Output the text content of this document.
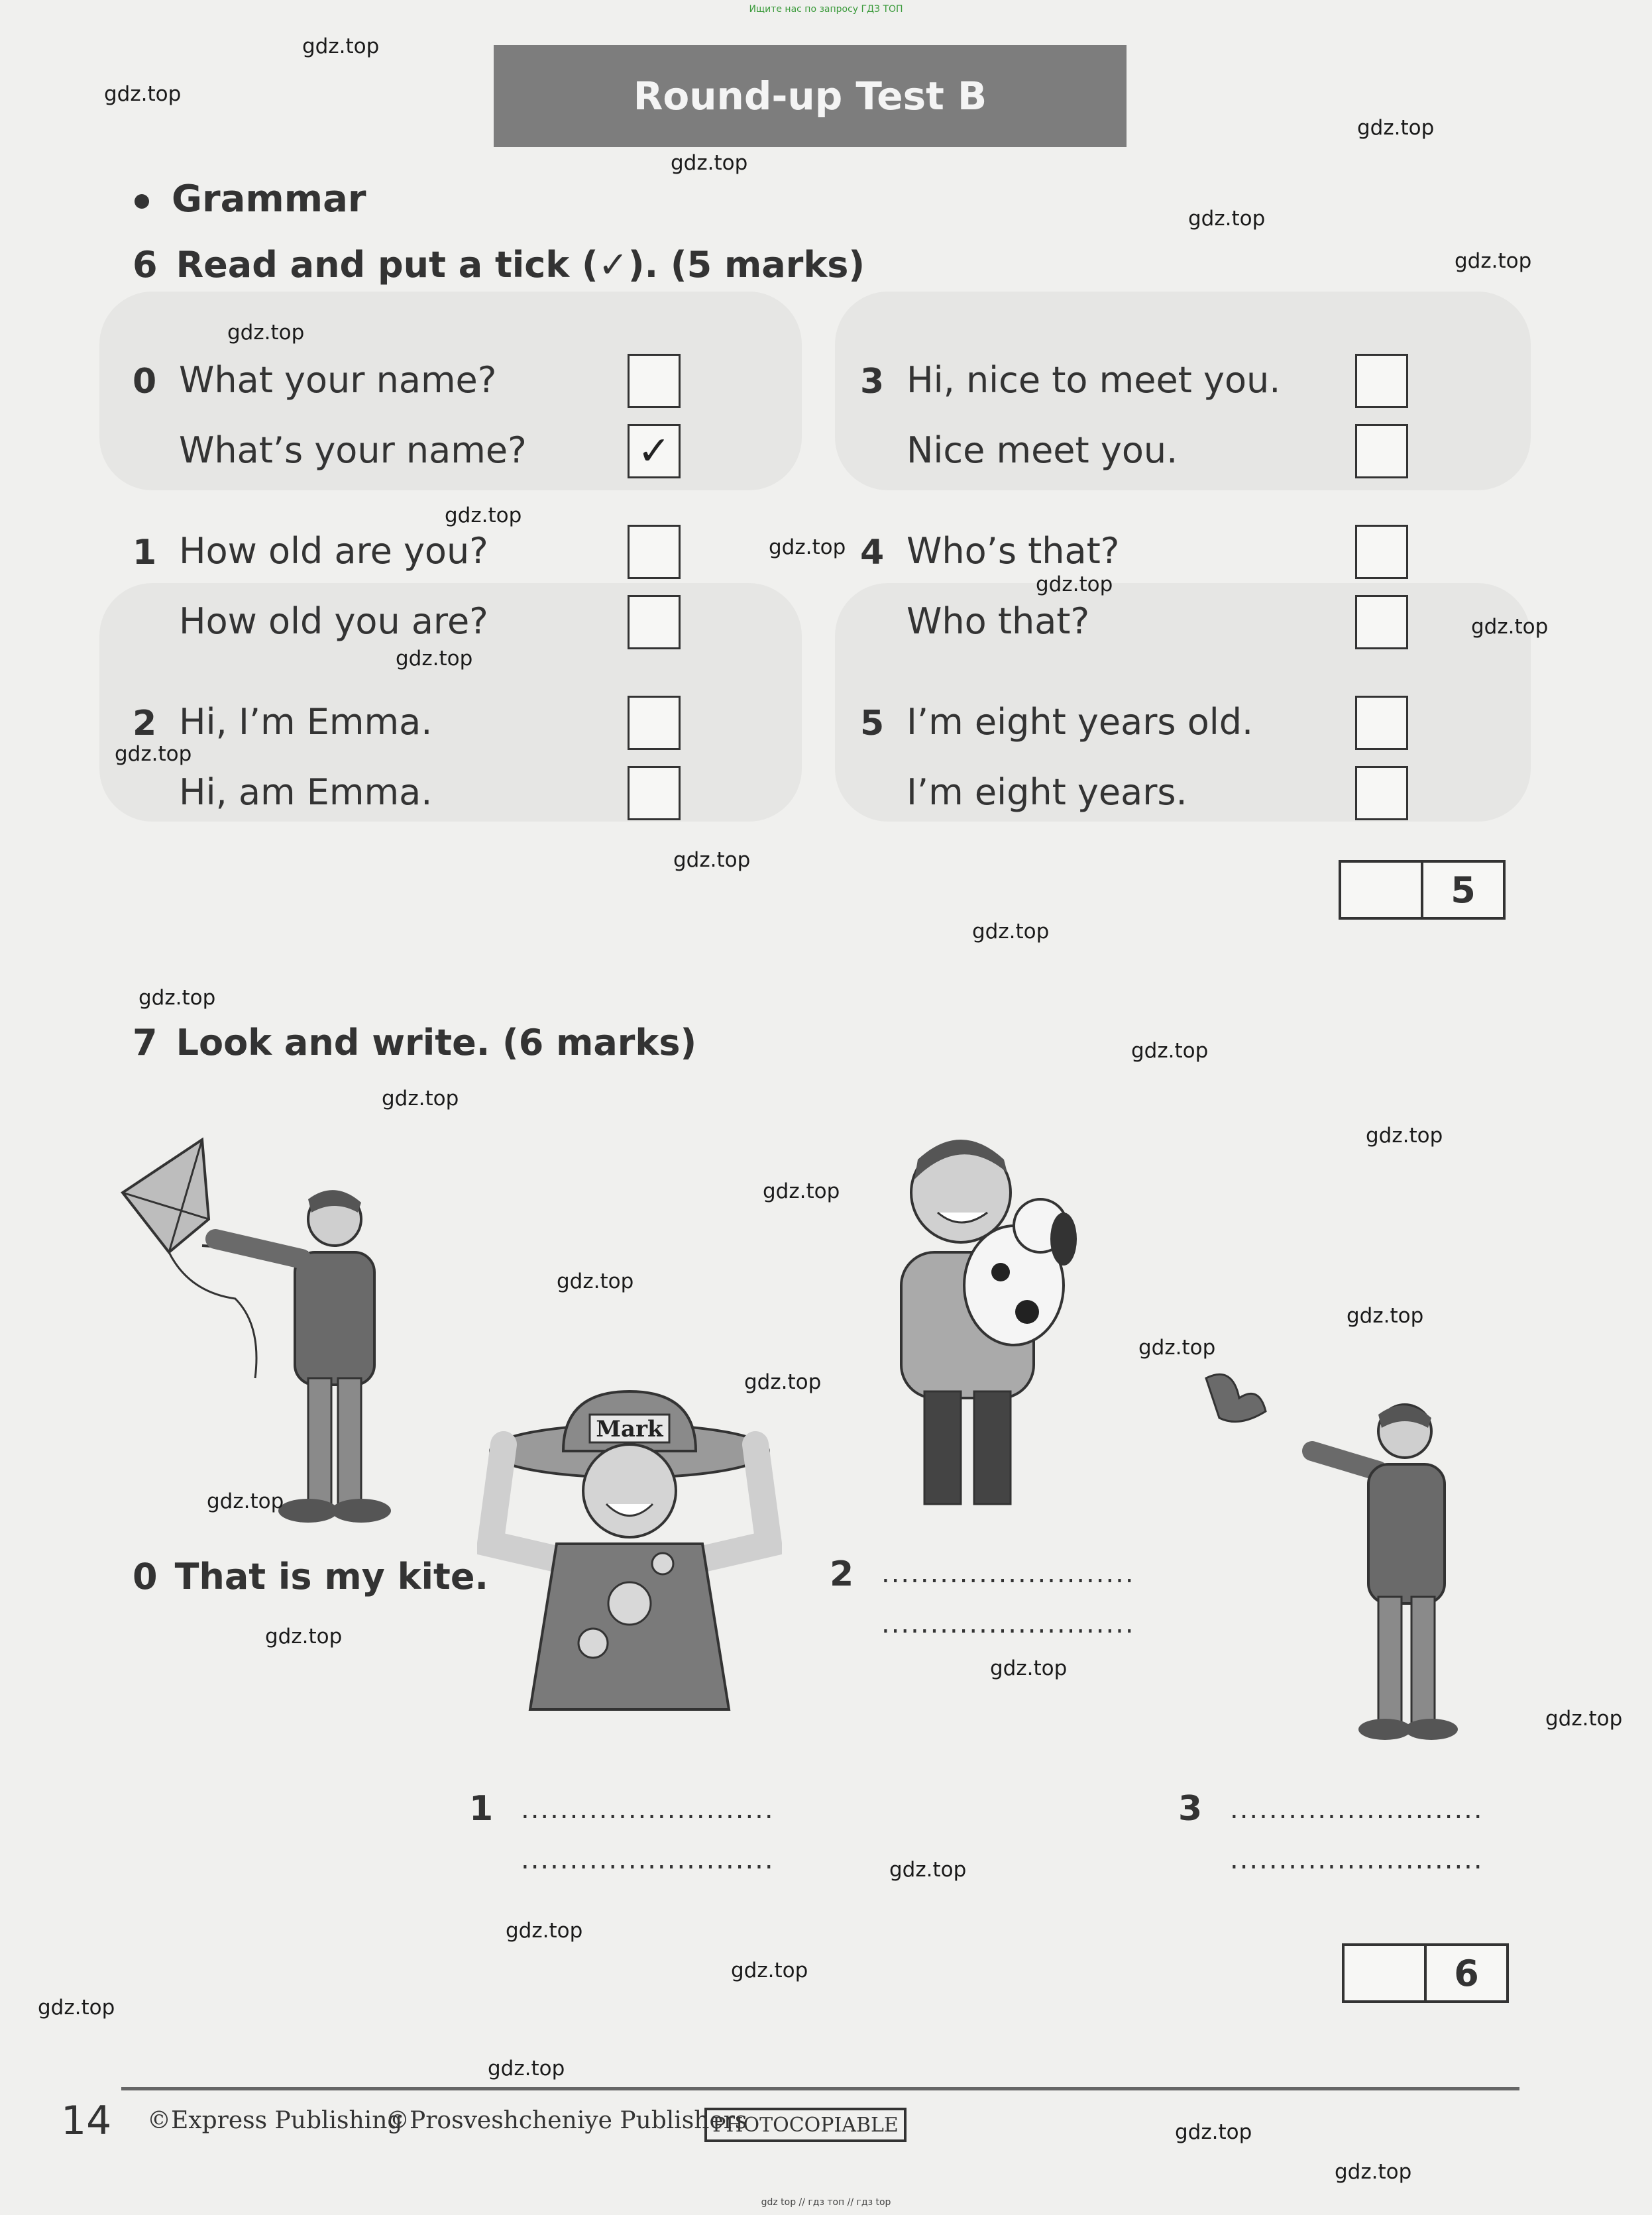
Ищите нас по запросу ГДЗ ТОП
Round-up Test B
Grammar
6 Read and put a tick (✓). (5 marks)
0 What your name?
What’s your name?	✓
1 How old are you?
How old you are?
2 Hi, I’m Emma.
Hi, am Emma.
3 Hi, nice to meet you.
Nice meet you.
4 Who’s that?
Who that?
5 I’m eight years old.
I’m eight years.
5
7 Look and write. (6 marks)
Mark
0 That is my kite.	2 ..........................
..........................
1 ..........................
..........................
3 ..........................
..........................
6
14 ©Express Publishing
©Prosveshcheniye Publishers
PHOTOCOPIABLE
gdz top // гдз топ // гдз top
gdz.top
gdz.top
gdz.top
gdz.top
gdz.top
gdz.top
gdz.top
gdz.top
gdz.top
gdz.top
gdz.top
gdz.top
gdz.top
gdz.top
gdz.top
gdz.top
gdz.top
gdz.top
gdz.top
gdz.top
gdz.top
gdz.top
gdz.top
gdz.top
gdz.top
gdz.top
gdz.top
gdz.top
gdz.top
gdz.top
gdz.top
gdz.top
gdz.top
gdz.top
gdz.top
